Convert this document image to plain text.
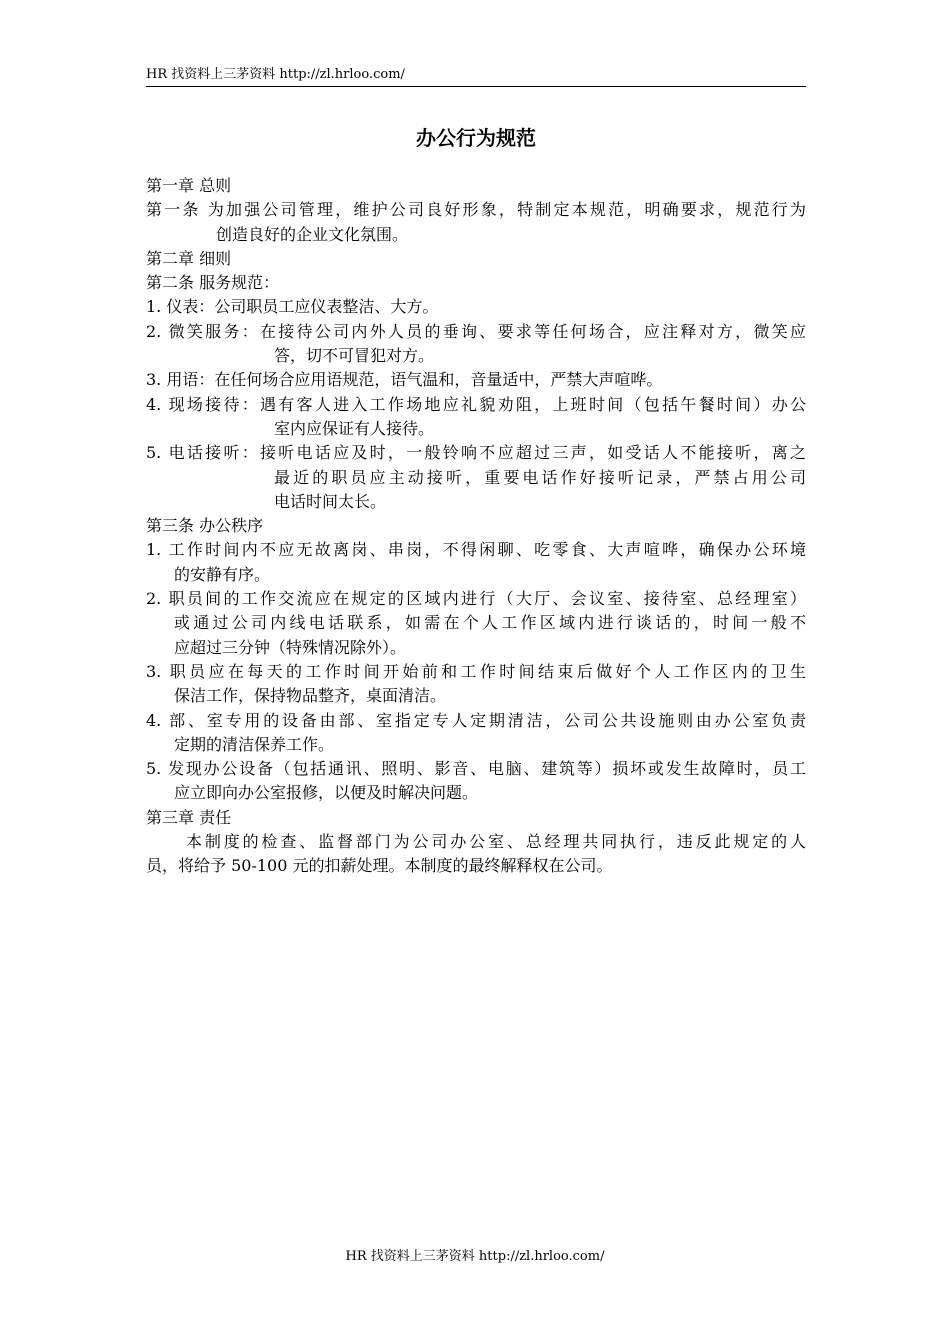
HR 找资料上三茅资料 http://zl.hrloo.com/
办公行为规范
第一章 总则
第一条 为加强公司管理，维护公司良好形象，特制定本规范，明确要求，规范行为
创造良好的企业文化氛围。
第二章 细则
第二条 服务规范：
1. 仪表：公司职员工应仪表整洁、大方。
2. 微笑服务：在接待公司内外人员的垂询、要求等任何场合，应注释对方，微笑应
答，切不可冒犯对方。
3. 用语：在任何场合应用语规范，语气温和，音量适中，严禁大声喧哗。
4. 现场接待：遇有客人进入工作场地应礼貌劝阻，上班时间（包括午餐时间）办公
室内应保证有人接待。
5. 电话接听：接听电话应及时，一般铃响不应超过三声，如受话人不能接听，离之
最近的职员应主动接听，重要电话作好接听记录，严禁占用公司
电话时间太长。
第三条 办公秩序
1. 工作时间内不应无故离岗、串岗，不得闲聊、吃零食、大声喧哗，确保办公环境
的安静有序。
2. 职员间的工作交流应在规定的区域内进行（大厅、会议室、接待室、总经理室）
或通过公司内线电话联系，如需在个人工作区域内进行谈话的，时间一般不
应超过三分钟（特殊情况除外）。
3. 职员应在每天的工作时间开始前和工作时间结束后做好个人工作区内的卫生
保洁工作，保持物品整齐，桌面清洁。
4. 部、室专用的设备由部、室指定专人定期清洁，公司公共设施则由办公室负责
定期的清洁保养工作。
5. 发现办公设备（包括通讯、照明、影音、电脑、建筑等）损坏或发生故障时，员工
应立即向办公室报修，以便及时解决问题。
第三章 责任
本制度的检查、监督部门为公司办公室、总经理共同执行，违反此规定的人
员，将给予 50-100 元的扣薪处理。本制度的最终解释权在公司。
HR 找资料上三茅资料 http://zl.hrloo.com/
